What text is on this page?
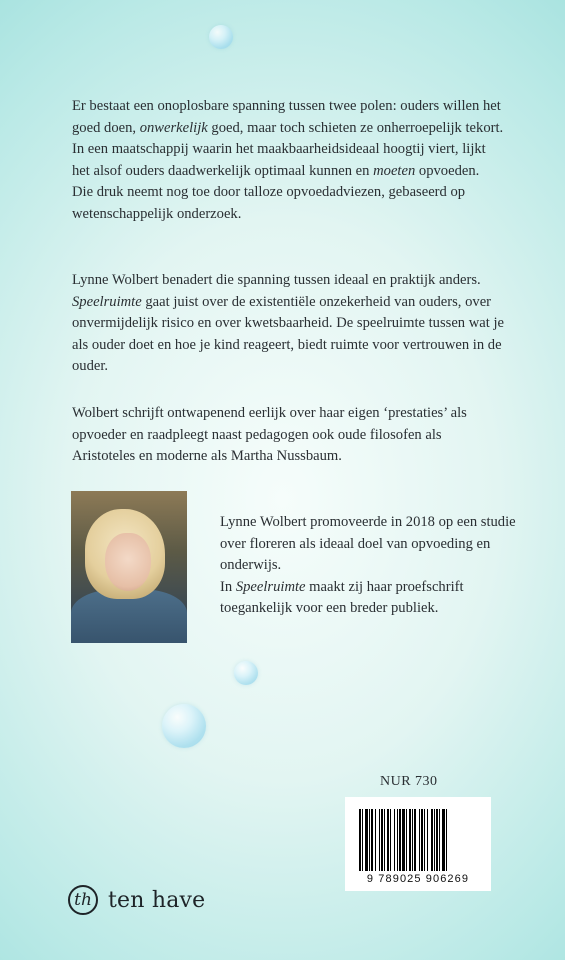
Er bestaat een onoplosbare spanning tussen twee polen: ouders willen het goed doen, onwerkelijk goed, maar toch schieten ze onherroepelijk tekort. In een maatschappij waarin het maakbaarheidsideaal hoogtij viert, lijkt het alsof ouders daadwerkelijk optimaal kunnen en moeten opvoeden. Die druk neemt nog toe door talloze opvoedadviezen, gebaseerd op wetenschappelijk onderzoek.

Lynne Wolbert benadert die spanning tussen ideaal en praktijk anders. Speelruimte gaat juist over de existentiële onzekerheid van ouders, over onvermijdelijk risico en over kwetsbaarheid. De speelruimte tussen wat je als ouder doet en hoe je kind reageert, biedt ruimte voor vertrouwen in de ouder.

Wolbert schrijft ontwapenend eerlijk over haar eigen ‘prestaties’ als opvoeder en raadpleegt naast pedagogen ook oude filosofen als Aristoteles en moderne als Martha Nussbaum.

Lynne Wolbert promoveerde in 2018 op een studie over floreren als ideaal doel van opvoeding en onderwijs.

In Speelruimte maakt zij haar proefschrift toegankelijk voor een breder publiek.

NUR 730
9 789025 906269
th ten have
